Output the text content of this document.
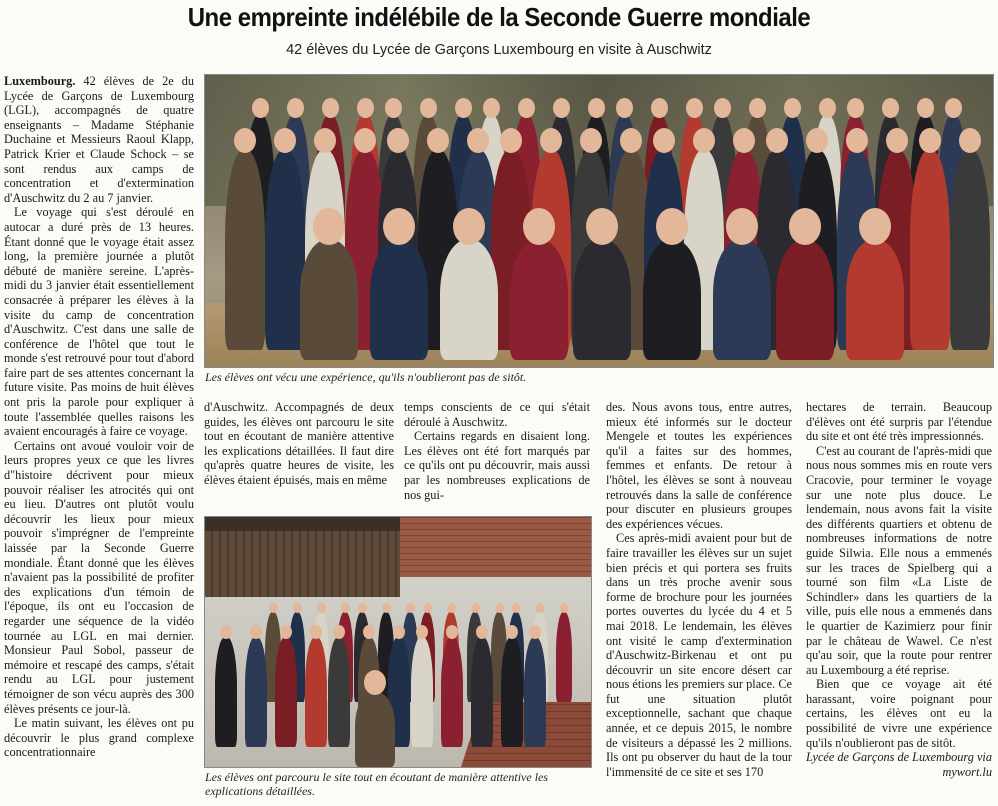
Une empreinte indélébile de la Seconde Guerre mondiale
42 élèves du Lycée de Garçons Luxembourg en visite à Auschwitz

Luxembourg. 42 élèves de 2e du Lycée de Garçons de Luxembourg (LGL), accompagnés de quatre enseignants – Madame Stéphanie Duchaine et Messieurs Raoul Klapp, Patrick Krier et Claude Schock – se sont rendus aux camps de concentration et d'extermination d'Auschwitz du 2 au 7 janvier.

Le voyage qui s'est déroulé en autocar a duré près de 13 heures. Étant donné que le voyage était assez long, la première journée a plutôt débuté de manière sereine. L'après-midi du 3 janvier était essentiellement consacrée à préparer les élèves à la visite du camp de concentration d'Auschwitz. C'est dans une salle de conférence de l'hôtel que tout le monde s'est retrouvé pour tout d'abord faire part de ses attentes concernant la future visite. Pas moins de huit élèves ont pris la parole pour expliquer à toute l'assemblée quelles raisons les avaient encouragés à faire ce voyage.

Certains ont avoué vouloir voir de leurs propres yeux ce que les livres d"histoire décrivent pour mieux pouvoir réaliser les atrocités qui ont eu lieu. D'autres ont plutôt voulu découvrir les lieux pour mieux pouvoir s'imprégner de l'empreinte laissée par la Seconde Guerre mondiale. Étant donné que les élèves n'avaient pas la possibilité de profiter des explications d'un témoin de l'époque, ils ont eu l'occasion de regarder une séquence de la vidéo tournée au LGL en mai dernier. Monsieur Paul Sobol, passeur de mémoire et rescapé des camps, s'était rendu au LGL pour justement témoigner de son vécu auprès des 300 élèves présents ce jour-là.

Le matin suivant, les élèves ont pu découvrir le plus grand complexe concentrationnaire

Les élèves ont vécu une expérience, qu'ils n'oublieront pas de sitôt.

d'Auschwitz. Accompagnés de deux guides, les élèves ont parcouru le site tout en écoutant de manière attentive les explications détaillées. Il faut dire qu'après quatre heures de visite, les élèves étaient épuisés, mais en même

temps conscients de ce qui s'était déroulé à Auschwitz.

Certains regards en disaient long. Les élèves ont été fort marqués par ce qu'ils ont pu découvrir, mais aussi par les nombreuses explications de nos gui-

Les élèves ont parcouru le site tout en écoutant de manière attentive les explications détaillées.

des. Nous avons tous, entre autres, mieux été informés sur le docteur Mengele et toutes les expériences qu'il a faites sur des hommes, femmes et enfants. De retour à l'hôtel, les élèves se sont à nouveau retrouvés dans la salle de conférence pour discuter en plusieurs groupes des expériences vécues.

Ces après-midi avaient pour but de faire travailler les élèves sur un sujet bien précis et qui portera ses fruits dans un très proche avenir sous forme de brochure pour les journées portes ouvertes du lycée du 4 et 5 mai 2018. Le lendemain, les élèves ont visité le camp d'extermination d'Auschwitz-Birkenau et ont pu découvrir un site encore désert car nous étions les premiers sur place. Ce fut une situation plutôt exceptionnelle, sachant que chaque année, et ce depuis 2015, le nombre de visiteurs a dépassé les 2 millions. Ils ont pu observer du haut de la tour l'immensité de ce site et ses 170

hectares de terrain. Beaucoup d'élèves ont été surpris par l'étendue du site et ont été très impressionnés.

C'est au courant de l'après-midi que nous nous sommes mis en route vers Cracovie, pour terminer le voyage sur une note plus douce. Le lendemain, nous avons fait la visite des différents quartiers et obtenu de nombreuses informations de notre guide Silwia. Elle nous a emmenés sur les traces de Spielberg qui a tourné son film «La Liste de Schindler» dans les quartiers de la ville, puis elle nous a emmenés dans le quartier de Kazimierz pour finir par le château de Wawel. Ce n'est qu'au soir, que la route pour rentrer au Luxembourg a été reprise.

Bien que ce voyage ait été harassant, voire poignant pour certains, les élèves ont eu la possibilité de vivre une expérience qu'ils n'oublieront pas de sitôt.

Lycée de Garçons de Luxembourg via mywort.lu
